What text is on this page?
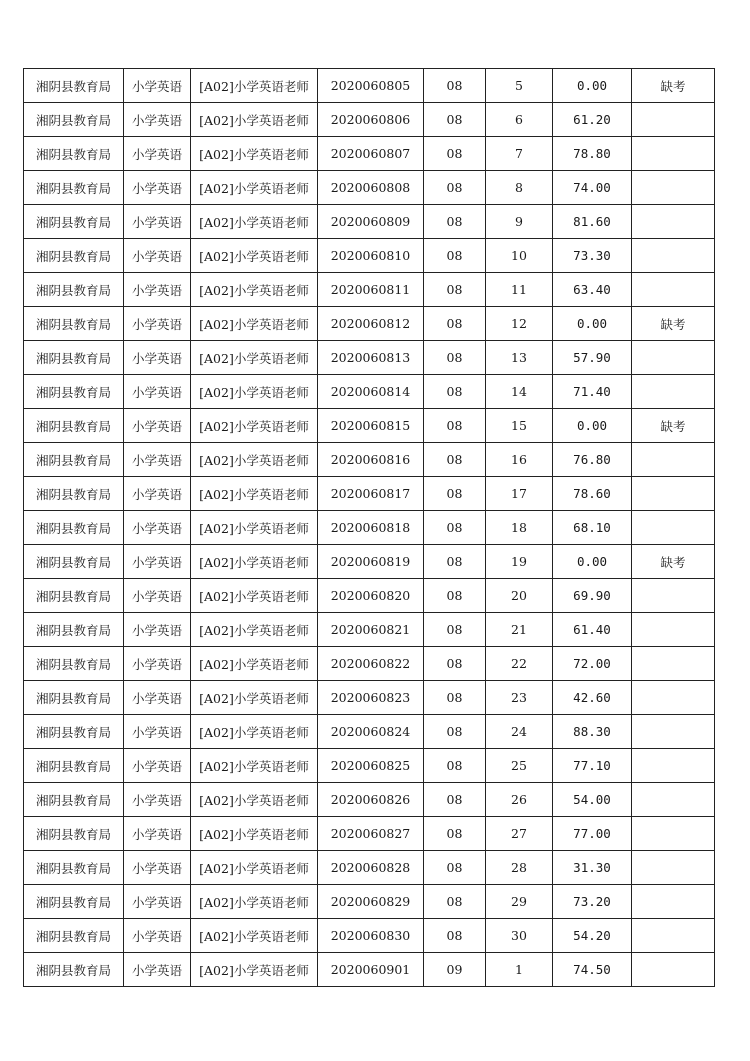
湘阴县教育局	小学英语	[A02]小学英语老师	2020060805	08	5	0.00	缺考
湘阴县教育局	小学英语	[A02]小学英语老师	2020060806	08	6	61.20	
湘阴县教育局	小学英语	[A02]小学英语老师	2020060807	08	7	78.80	
湘阴县教育局	小学英语	[A02]小学英语老师	2020060808	08	8	74.00	
湘阴县教育局	小学英语	[A02]小学英语老师	2020060809	08	9	81.60	
湘阴县教育局	小学英语	[A02]小学英语老师	2020060810	08	10	73.30	
湘阴县教育局	小学英语	[A02]小学英语老师	2020060811	08	11	63.40	
湘阴县教育局	小学英语	[A02]小学英语老师	2020060812	08	12	0.00	缺考
湘阴县教育局	小学英语	[A02]小学英语老师	2020060813	08	13	57.90	
湘阴县教育局	小学英语	[A02]小学英语老师	2020060814	08	14	71.40	
湘阴县教育局	小学英语	[A02]小学英语老师	2020060815	08	15	0.00	缺考
湘阴县教育局	小学英语	[A02]小学英语老师	2020060816	08	16	76.80	
湘阴县教育局	小学英语	[A02]小学英语老师	2020060817	08	17	78.60	
湘阴县教育局	小学英语	[A02]小学英语老师	2020060818	08	18	68.10	
湘阴县教育局	小学英语	[A02]小学英语老师	2020060819	08	19	0.00	缺考
湘阴县教育局	小学英语	[A02]小学英语老师	2020060820	08	20	69.90	
湘阴县教育局	小学英语	[A02]小学英语老师	2020060821	08	21	61.40	
湘阴县教育局	小学英语	[A02]小学英语老师	2020060822	08	22	72.00	
湘阴县教育局	小学英语	[A02]小学英语老师	2020060823	08	23	42.60	
湘阴县教育局	小学英语	[A02]小学英语老师	2020060824	08	24	88.30	
湘阴县教育局	小学英语	[A02]小学英语老师	2020060825	08	25	77.10	
湘阴县教育局	小学英语	[A02]小学英语老师	2020060826	08	26	54.00	
湘阴县教育局	小学英语	[A02]小学英语老师	2020060827	08	27	77.00	
湘阴县教育局	小学英语	[A02]小学英语老师	2020060828	08	28	31.30	
湘阴县教育局	小学英语	[A02]小学英语老师	2020060829	08	29	73.20	
湘阴县教育局	小学英语	[A02]小学英语老师	2020060830	08	30	54.20	
湘阴县教育局	小学英语	[A02]小学英语老师	2020060901	09	1	74.50	
